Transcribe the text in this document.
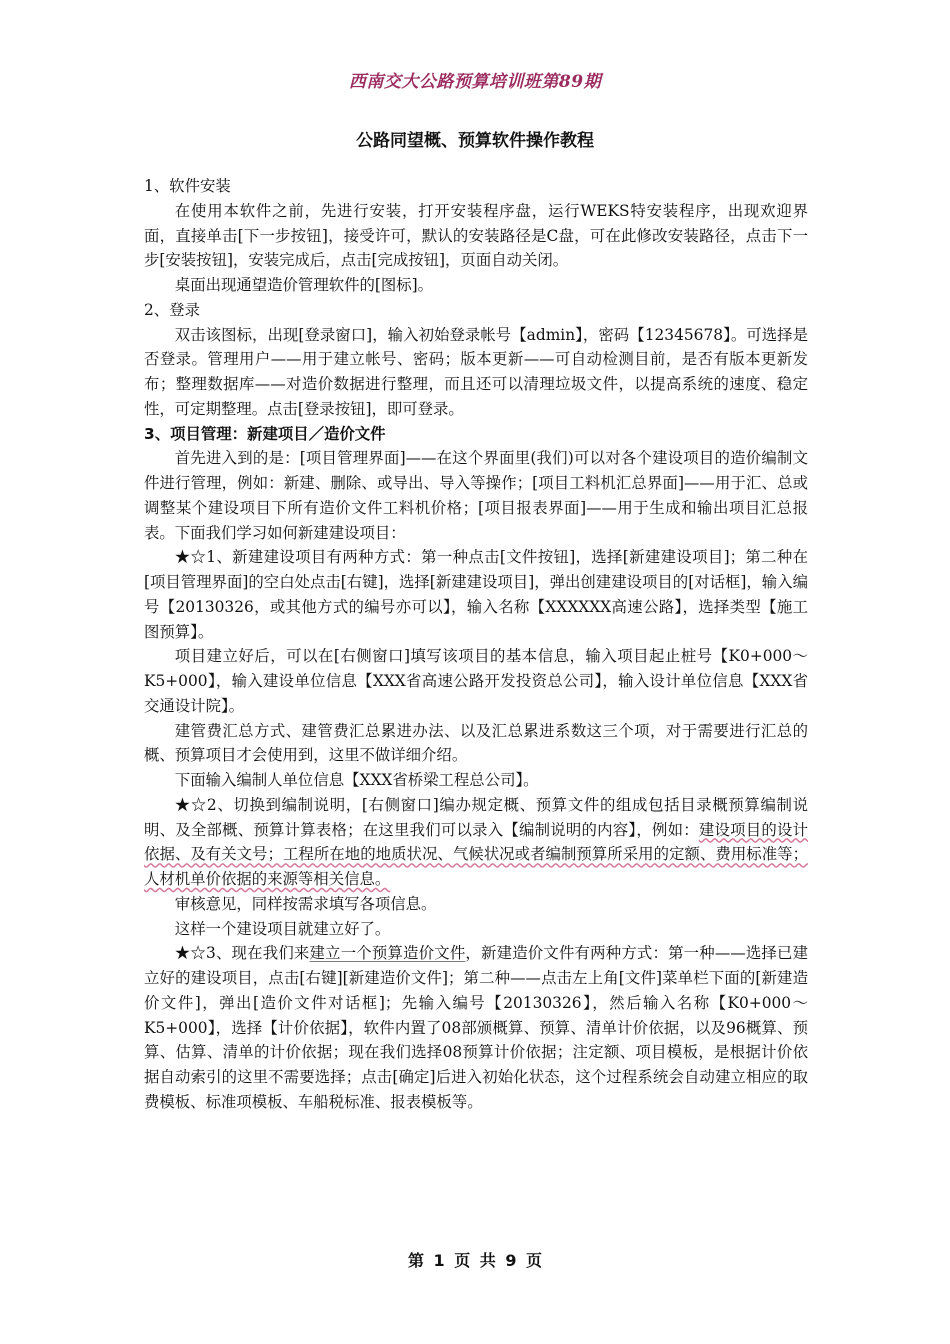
西南交大公路预算培训班第89期
公路同望概、预算软件操作教程

1、软件安装

在使用本软件之前，先进行安装，打开安装程序盘，运行WEKS特安装程序，出现欢迎界面，直接单击[下一步按钮]，接受许可，默认的安装路径是C盘，可在此修改安装路径，点击下一步[安装按钮]，安装完成后，点击[完成按钮]，页面自动关闭。

桌面出现通望造价管理软件的[图标]。

2、登录

双击该图标，出现[登录窗口]，输入初始登录帐号【admin】，密码【12345678】。可选择是否登录。管理用户——用于建立帐号、密码；版本更新——可自动检测目前，是否有版本更新发布；整理数据库——对造价数据进行整理，而且还可以清理垃圾文件，以提高系统的速度、稳定性，可定期整理。点击[登录按钮]，即可登录。

3、项目管理：新建项目／造价文件

首先进入到的是：[项目管理界面]——在这个界面里(我们)可以对各个建设项目的造价编制文件进行管理，例如：新建、删除、或导出、导入等操作；[项目工料机汇总界面]——用于汇、总或调整某个建设项目下所有造价文件工料机价格；[项目报表界面]——用于生成和输出项目汇总报表。下面我们学习如何新建建设项目：

★☆1、新建建设项目有两种方式：第一种点击[文件按钮]，选择[新建建设项目]；第二种在[项目管理界面]的空白处点击[右键]，选择[新建建设项目]，弹出创建建设项目的[对话框]，输入编号【20130326，或其他方式的编号亦可以】，输入名称【XXXXXX高速公路】，选择类型【施工图预算】。

项目建立好后，可以在[右侧窗口]填写该项目的基本信息，输入项目起止桩号【K0+000～K5+000】，输入建设单位信息【XXX省高速公路开发投资总公司】，输入设计单位信息【XXX省交通设计院】。

建管费汇总方式、建管费汇总累进办法、以及汇总累进系数这三个项，对于需要进行汇总的概、预算项目才会使用到，这里不做详细介绍。

下面输入编制人单位信息【XXX省桥梁工程总公司】。

★☆2、切换到编制说明，[右侧窗口]编办规定概、预算文件的组成包括目录概预算编制说明、及全部概、预算计算表格；在这里我们可以录入【编制说明的内容】，例如：建设项目的设计依据、及有关文号；工程所在地的地质状况、气候状况或者编制预算所采用的定额、费用标准等；人材机单价依据的来源等相关信息。

审核意见，同样按需求填写各项信息。

这样一个建设项目就建立好了。

★☆3、现在我们来建立一个预算造价文件，新建造价文件有两种方式：第一种——选择已建立好的建设项目，点击[右键][新建造价文件]；第二种——点击左上角[文件]菜单栏下面的[新建造价文件]，弹出[造价文件对话框]；先输入编号【20130326】，然后输入名称【K0+000～K5+000】，选择【计价依据】，软件内置了08部颁概算、预算、清单计价依据，以及96概算、预算、估算、清单的计价依据；现在我们选择08预算计价依据；注定额、项目模板，是根据计价依据自动索引的这里不需要选择；点击[确定]后进入初始化状态，这个过程系统会自动建立相应的取费模板、标准项模板、车船税标准、报表模板等。

第 1 页 共 9 页
